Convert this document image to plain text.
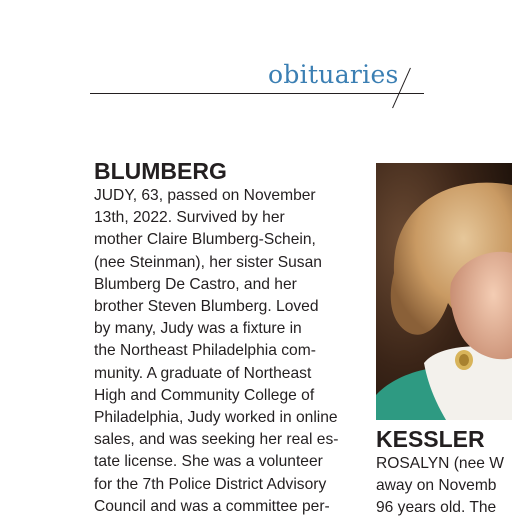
obituaries
BLUMBERG
JUDY, 63, passed on November
13th, 2022. Survived by her
mother Claire Blumberg-Schein,
(nee Steinman), her sister Susan
Blumberg De Castro, and her
brother Steven Blumberg. Loved
by many, Judy was a fixture in
the Northeast Philadelphia com-
munity. A graduate of Northeast
High and Community College of
Philadelphia, Judy worked in online
sales, and was seeking her real es-
tate license. She was a volunteer
for the 7th Police District Advisory
Council and was a committee per-
KESSLER
ROSALYN (nee W
away on Novemb
96 years old. The
